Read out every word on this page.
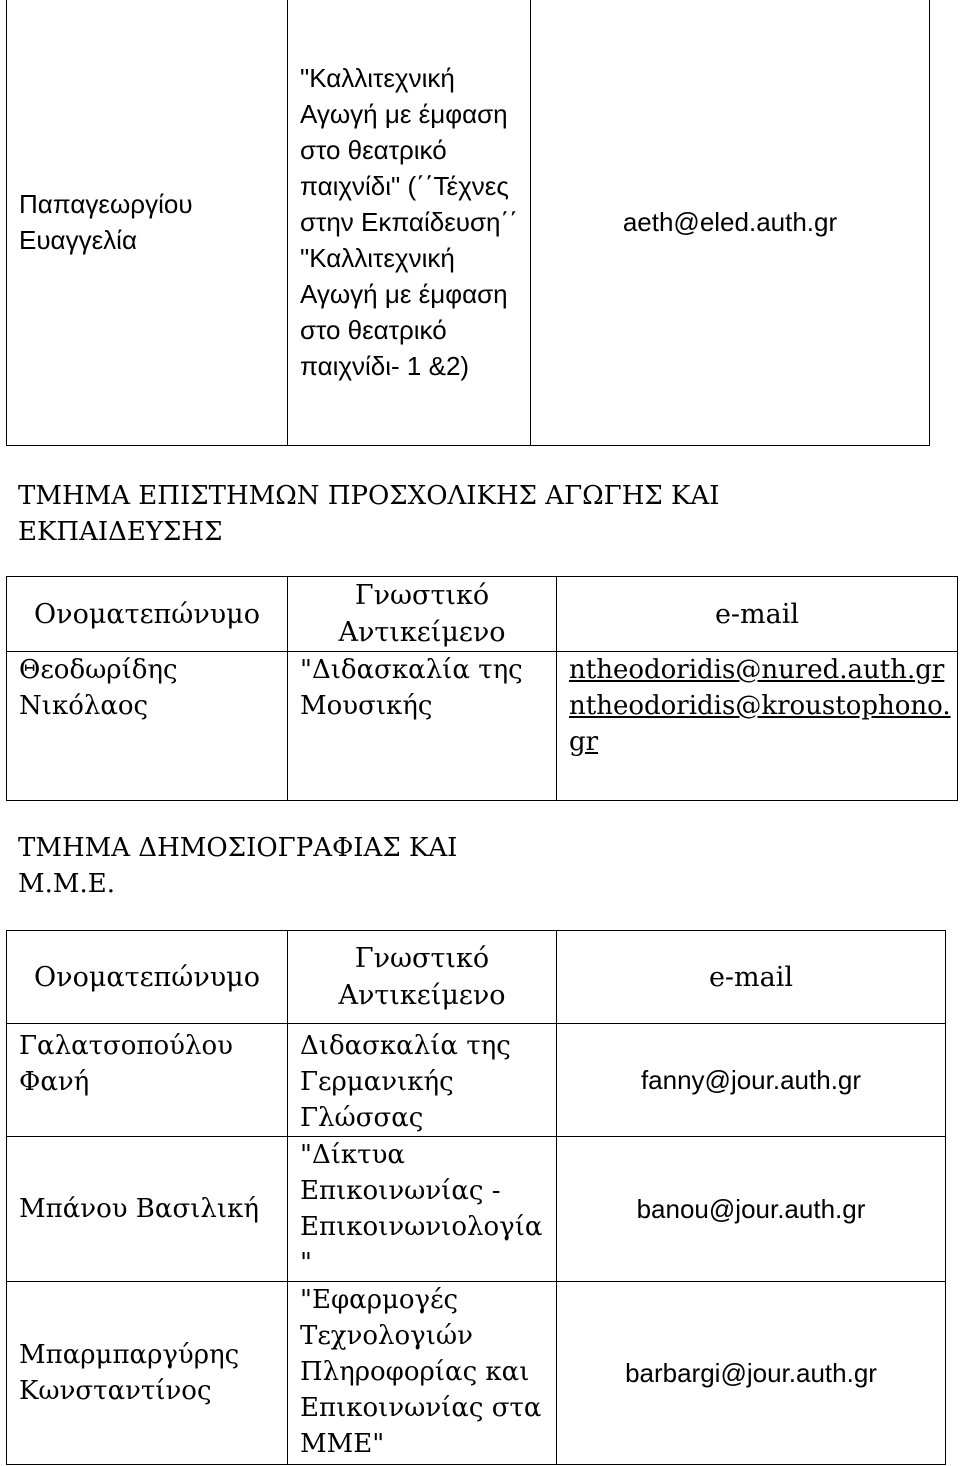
Παπαγεωργίου Ευαγγελία	"Καλλιτεχνική Αγωγή με έμφαση στο θεατρικό παιχνίδι" (΄΄Τέχνες στην Εκπαίδευση΄΄ "Καλλιτεχνική Αγωγή με έμφαση στο θεατρικό παιχνίδι- 1 &2)	aeth@eled.auth.gr
ΤΜΗΜΑ ΕΠΙΣΤΗΜΩΝ ΠΡΟΣΧΟΛΙΚΗΣ ΑΓΩΓΗΣ ΚΑΙ ΕΚΠΑΙΔΕΥΣΗΣ
Ονοματεπώνυμο	Γνωστικό Αντικείμενο	e-mail
Θεοδωρίδης Νικόλαος	"Διδασκαλία της Μουσικής	ntheodoridis@nured.auth.gr
ntheodoridis@kroustophono.gr
ΤΜΗΜΑ ΔΗΜΟΣΙΟΓΡΑΦΙΑΣ ΚΑΙ Μ.Μ.Ε.
Ονοματεπώνυμο	Γνωστικό Αντικείμενο	e-mail
Γαλατσοπούλου Φανή	Διδασκαλία της Γερμανικής Γλώσσας	fanny@jour.auth.gr
Μπάνου Βασιλική	"Δίκτυα Επικοινωνίας - Επικοινωνιολογία "	banou@jour.auth.gr
Μπαρμπαργύρης Κωνσταντίνος	"Εφαρμογές Τεχνολογιών Πληροφορίας και Επικοινωνίας στα ΜΜΕ"	barbargi@jour.auth.gr
